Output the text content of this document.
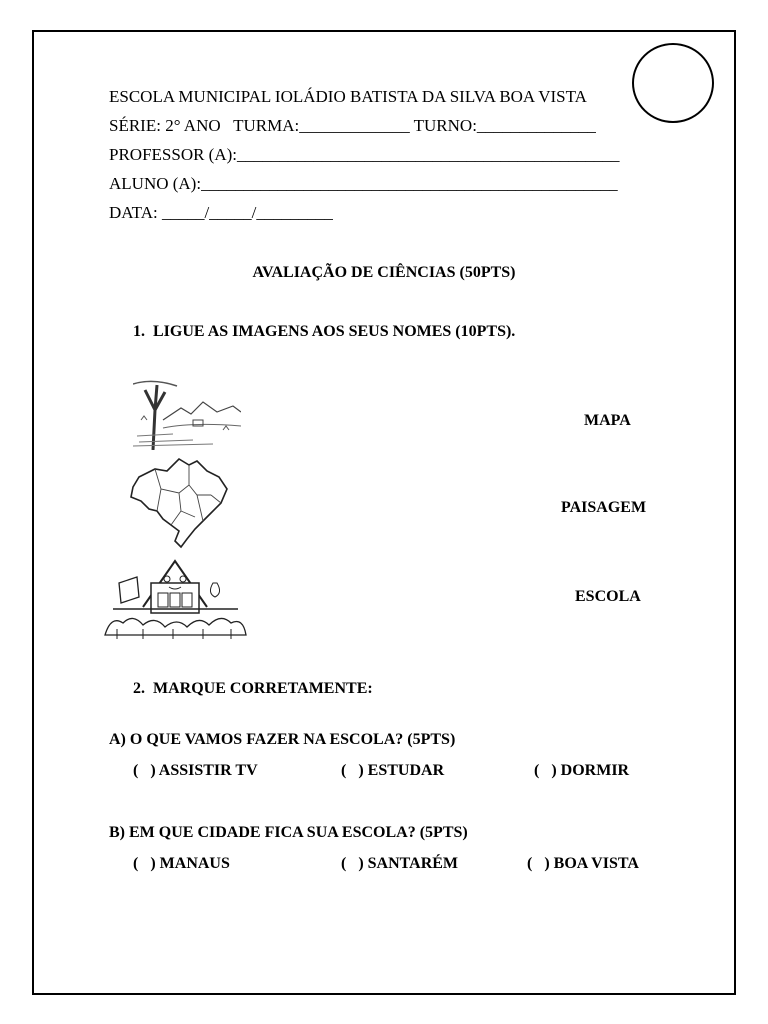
ESCOLA MUNICIPAL IOLÁDIO BATISTA DA SILVA BOA VISTA
SÉRIE: 2° ANO   TURMA:_____________ TURNO:______________
PROFESSOR (A):_____________________________________________
ALUNO (A):_________________________________________________
DATA: _____/_____/_________
AVALIAÇÃO DE CIÊNCIAS (50PTS)
1.  LIGUE AS IMAGENS AOS SEUS NOMES (10PTS).
MAPA
PAISAGEM
ESCOLA
2.  MARQUE CORRETAMENTE:
A) O QUE VAMOS FAZER NA ESCOLA? (5PTS)
(   ) ASSISTIR TV	(   ) ESTUDAR	(   ) DORMIR
B) EM QUE CIDADE FICA SUA ESCOLA? (5PTS)
(   ) MANAUS	(   ) SANTARÉM	(   ) BOA VISTA
